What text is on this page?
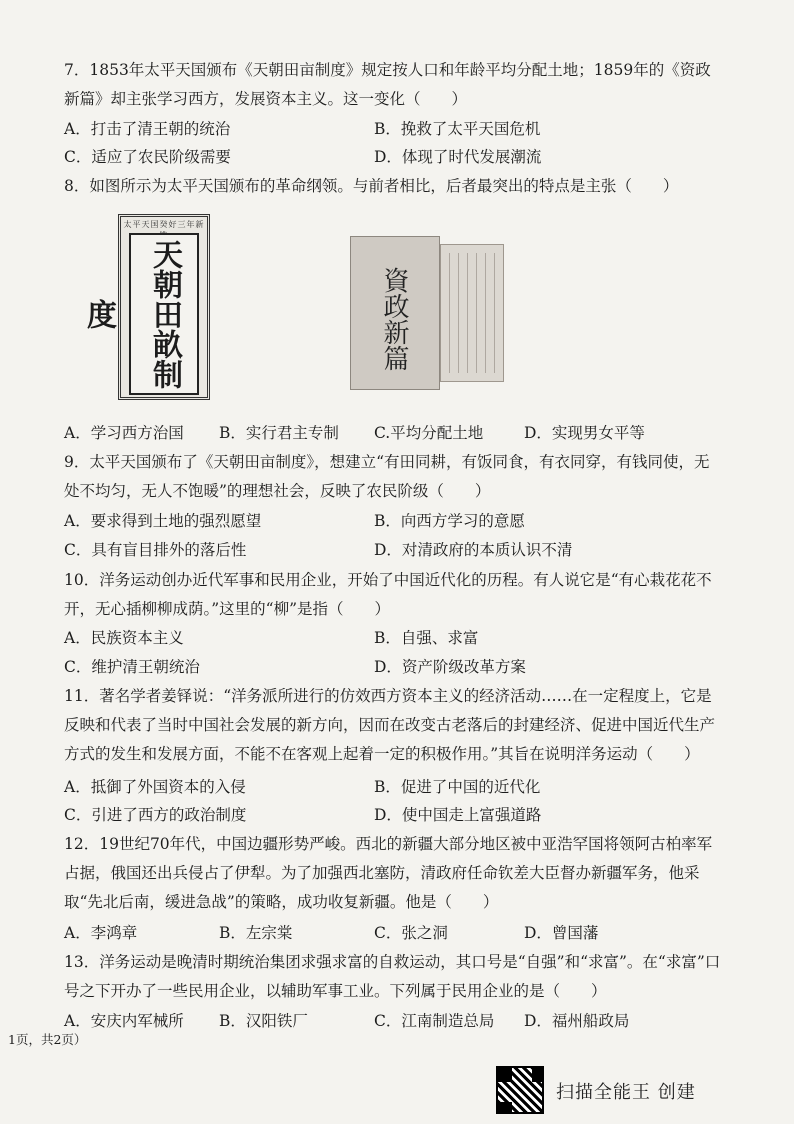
7．1853年太平天国颁布《天朝田亩制度》规定按人口和年龄平均分配土地；1859年的《资政新篇》却主张学习西方，发展资本主义。这一变化（　　）
A．打击了清王朝的统治	B．挽救了太平天国危机
C．适应了农民阶级需要	D．体现了时代发展潮流
8．如图所示为太平天国颁布的革命纲领。与前者相比，后者最突出的特点是主张（　　）
太平天国癸好三年新
天朝田畝制度	資政新篇
A．学习西方治国 B．实行君主专制 C.平均分配土地	D．实现男女平等
9．太平天国颁布了《天朝田亩制度》，想建立“有田同耕，有饭同食，有衣同穿，有钱同使，无处不均匀，无人不饱暖”的理想社会，反映了农民阶级（　　）
A．要求得到土地的强烈愿望	B．向西方学习的意愿
C．具有盲目排外的落后性	D．对清政府的本质认识不清
10．洋务运动创办近代军事和民用企业，开始了中国近代化的历程。有人说它是“有心栽花花不开，无心插柳柳成荫。”这里的“柳”是指（　　）
A．民族资本主义	B．自强、求富
C．维护清王朝统治	D．资产阶级改革方案
11．著名学者姜铎说：“洋务派所进行的仿效西方资本主义的经济活动……在一定程度上，它是反映和代表了当时中国社会发展的新方向，因而在改变古老落后的封建经济、促进中国近代生产方式的发生和发展方面，不能不在客观上起着一定的积极作用。”其旨在说明洋务运动（　　）
A．抵御了外国资本的入侵	B．促进了中国的近代化
C．引进了西方的政治制度	D．使中国走上富强道路
12．19世纪70年代，中国边疆形势严峻。西北的新疆大部分地区被中亚浩罕国将领阿古柏率军占据，俄国还出兵侵占了伊犁。为了加强西北塞防，清政府任命钦差大臣督办新疆军务，他采取“先北后南，缓进急战”的策略，成功收复新疆。他是（　　）
A．李鸿章	B．左宗棠	C．张之洞	D．曾国藩
13．洋务运动是晚清时期统治集团求强求富的自救运动，其口号是“自强”和“求富”。在“求富”口号之下开办了一些民用企业，以辅助军事工业。下列属于民用企业的是（　　）
A．安庆内军械所 B．汉阳铁厂	C．江南制造总局 D．福州船政局
1页，共2页）
扫描全能王 创建
